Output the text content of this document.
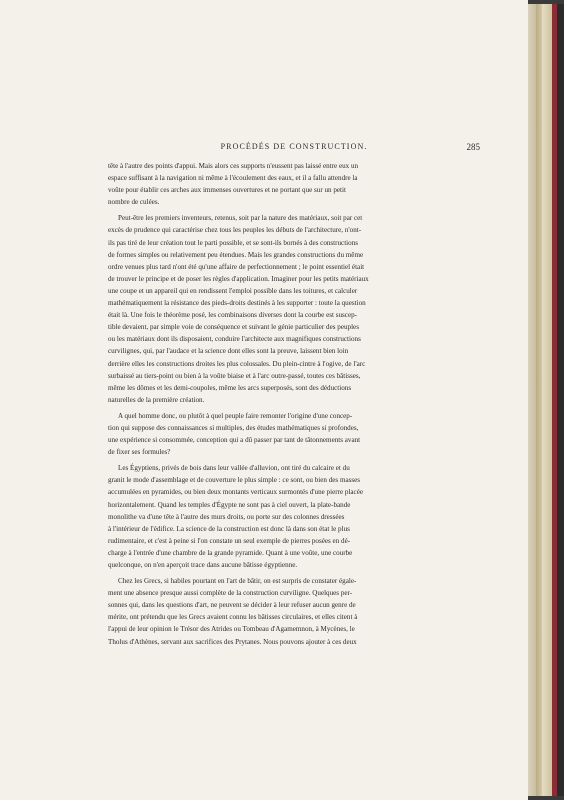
PROCÉDÉS DE CONSTRUCTION.	285
tête à l'autre des points d'appui. Mais alors ces supports n'eussent pas laissé entre eux un
espace suffisant à la navigation ni même à l'écoulement des eaux, et il a fallu attendre la
voûte pour établir ces arches aux immenses ouvertures et ne portant que sur un petit
nombre de culées.
Peut-être les premiers inventeurs, retenus, soit par la nature des matériaux, soit par cet
excès de prudence qui caractérise chez tous les peuples les débuts de l'architecture, n'ont-
ils pas tiré de leur création tout le parti possible, et se sont-ils bornés à des constructions
de formes simples ou relativement peu étendues. Mais les grandes constructions du même
ordre venues plus tard n'ont été qu'une affaire de perfectionnement ; le point essentiel était
de trouver le principe et de poser les règles d'application. Imaginer pour les petits matériaux
une coupe et un appareil qui en rendissent l'emploi possible dans les toitures, et calculer
mathématiquement la résistance des pieds-droits destinés à les supporter : toute la question
était là. Une fois le théorème posé, les combinaisons diverses dont la courbe est suscep-
tible devaient, par simple voie de conséquence et suivant le génie particulier des peuples
ou les matériaux dont ils disposaient, conduire l'architecte aux magnifiques constructions
curvilignes, qui, par l'audace et la science dont elles sont la preuve, laissent bien loin
derrière elles les constructions droites les plus colossales. Du plein-cintre à l'ogive, de l'arc
surbaissé au tiers-point ou bien à la voûte biaise et à l'arc outre-passé, toutes ces bâtisses,
même les dômes et les demi-coupoles, même les arcs superposés, sont des déductions
naturelles de la première création.
A quel homme donc, ou plutôt à quel peuple faire remonter l'origine d'une concep-
tion qui suppose des connaissances si multiples, des études mathématiques si profondes,
une expérience si consommée, conception qui a dû passer par tant de tâtonnements avant
de fixer ses formules?
Les Égyptiens, privés de bois dans leur vallée d'alluvion, ont tiré du calcaire et du
granit le mode d'assemblage et de couverture le plus simple : ce sont, ou bien des masses
accumulées en pyramides, ou bien deux montants verticaux surmontés d'une pierre placée
horizontalement. Quand les temples d'Égypte ne sont pas à ciel ouvert, la plate-bande
monolithe va d'une tête à l'autre des murs droits, ou porte sur des colonnes dressées
à l'intérieur de l'édifice. La science de la construction est donc là dans son état le plus
rudimentaire, et c'est à peine si l'on constate un seul exemple de pierres posées en dé-
charge à l'entrée d'une chambre de la grande pyramide. Quant à une voûte, une courbe
quelconque, on n'en aperçoit trace dans aucune bâtisse égyptienne.
Chez les Grecs, si habiles pourtant en l'art de bâtir, on est surpris de constater égale-
ment une absence presque aussi complète de la construction curviligne. Quelques per-
sonnes qui, dans les questions d'art, ne peuvent se décider à leur refuser aucun genre de
mérite, ont prétendu que les Grecs avaient connu les bâtisses circulaires, et elles citent à
l'appui de leur opinion le Trésor des Atrides ou Tombeau d'Agamemnon, à Mycènes, le
Tholus d'Athènes, servant aux sacrifices des Prytanes. Nous pouvons ajouter à ces deux
